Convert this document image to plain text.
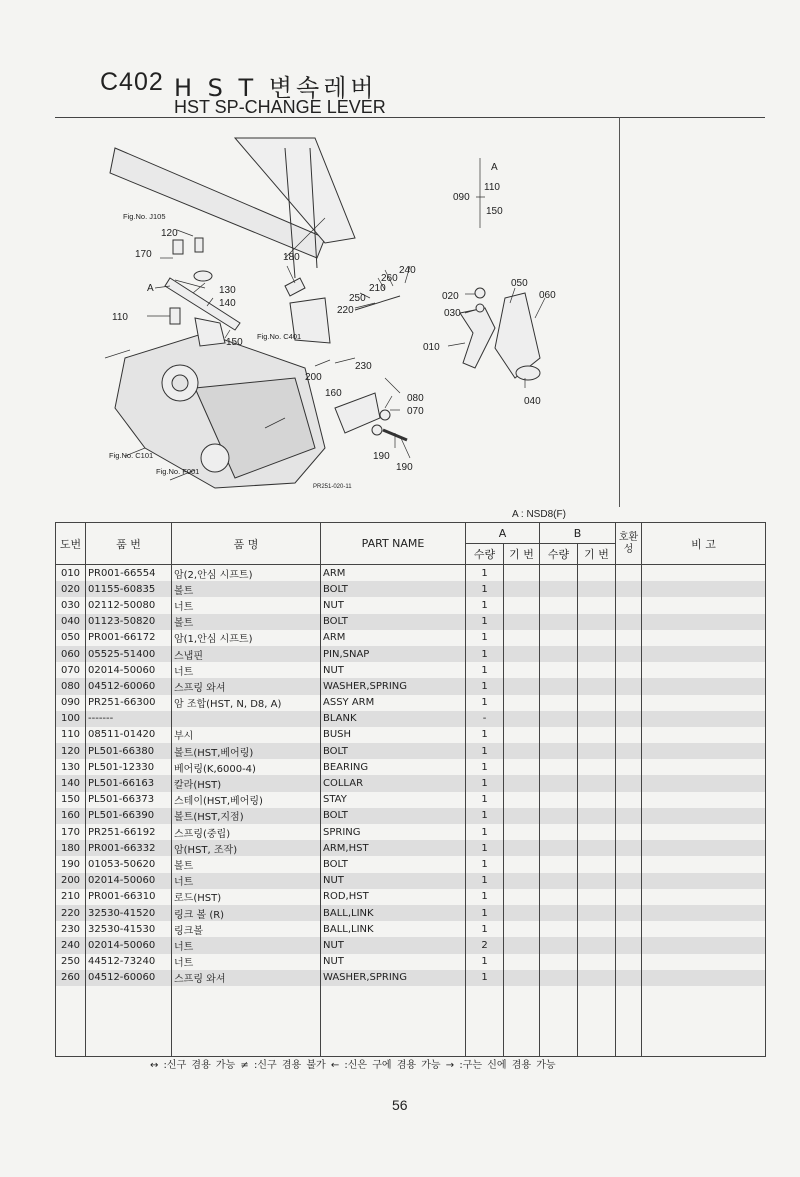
C402 H S T 변속레버
HST SP-CHANGE LEVER
090
A
110
150
120
170	180
A	130
140
110
150
240
260
210
250
220
020
030
010
050
060
040
230
200
160	080
070
190
190
Fig.No. J105
Fig.No. C401
Fig.No. C101
Fig.No. F001
PR251-020-11
A : NSD8(F)
도번	품 번	품 명	PART NAME	A		B		호환성	비 고
				수량	기 번	수량	기 번		
010	PR001-66554	암(2,안심 시프트)	ARM	1					
020	01155-60835	볼트	BOLT	1					
030	02112-50080	너트	NUT	1					
040	01123-50820	볼트	BOLT	1					
050	PR001-66172	암(1,안심 시프트)	ARM	1					
060	05525-51400	스냅핀	PIN,SNAP	1					
070	02014-50060	너트	NUT	1					
080	04512-60060	스프링 와셔	WASHER,SPRING	1					
090	PR251-66300	암 조합(HST, N, D8, A)	ASSY ARM	1					
100	-------		BLANK	-					
110	08511-01420	부시	BUSH	1					
120	PL501-66380	볼트(HST,베어링)	BOLT	1					
130	PL501-12330	베어링(K,6000-4)	BEARING	1					
140	PL501-66163	칼라(HST)	COLLAR	1					
150	PL501-66373	스테이(HST,베어링)	STAY	1					
160	PL501-66390	볼트(HST,지점)	BOLT	1					
170	PR251-66192	스프링(중립)	SPRING	1					
180	PR001-66332	암(HST, 조작)	ARM,HST	1					
190	01053-50620	볼트	BOLT	1					
200	02014-50060	너트	NUT	1					
210	PR001-66310	로드(HST)	ROD,HST	1					
220	32530-41520	링크 볼 (R)	BALL,LINK	1					
230	32530-41530	링크볼	BALL,LINK	1					
240	02014-50060	너트	NUT	2					
250	44512-73240	너트	NUT	1					
260	04512-60060	스프링 와셔	WASHER,SPRING	1					

↔ :신구 겸용 가능 ≠ :신구 겸용 불가 ← :신은 구에 겸용 가능 → :구는 신에 겸용 가능
56
